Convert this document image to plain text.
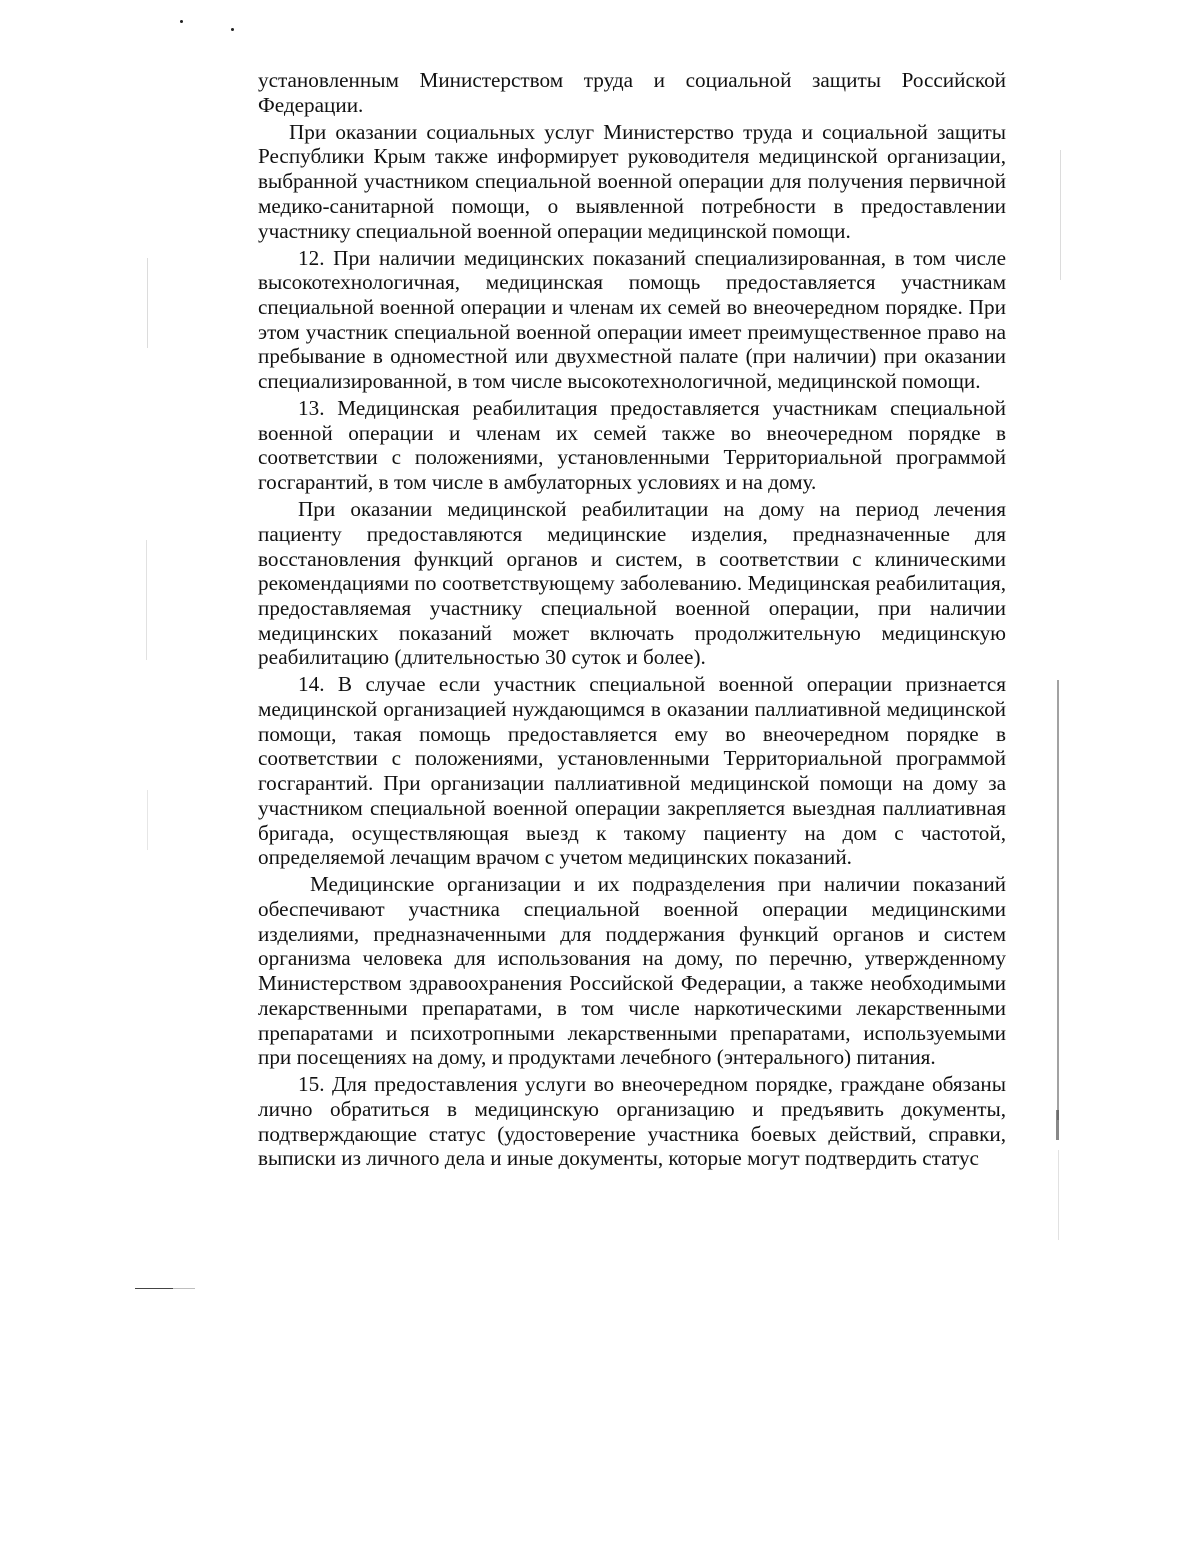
установленным Министерством труда и социальной защиты Российской Федерации.

При оказании социальных услуг Министерство труда и социальной защиты Республики Крым также информирует руководителя медицинской организации, выбранной участником специальной военной операции для получения первичной медико-санитарной помощи, о выявленной потребности в предоставлении участнику специальной военной операции медицинской помощи.

12. При наличии медицинских показаний специализированная, в том числе высокотехнологичная, медицинская помощь предоставляется участникам специальной военной операции и членам их семей во внеочередном порядке. При этом участник специальной военной операции имеет преимущественное право на пребывание в одноместной или двухместной палате (при наличии) при оказании специализированной, в том числе высокотехнологичной, медицинской помощи.

13. Медицинская реабилитация предоставляется участникам специальной военной операции и членам их семей также во внеочередном порядке в соответствии с положениями, установленными Территориальной программой госгарантий, в том числе в амбулаторных условиях и на дому.

При оказании медицинской реабилитации на дому на период лечения пациенту предоставляются медицинские изделия, предназначенные для восстановления функций органов и систем, в соответствии с клиническими рекомендациями по соответствующему заболеванию. Медицинская реабилитация, предоставляемая участнику специальной военной операции, при наличии медицинских показаний может включать продолжительную медицинскую реабилитацию (длительностью 30 суток и более).

14. В случае если участник специальной военной операции признается медицинской организацией нуждающимся в оказании паллиативной медицинской помощи, такая помощь предоставляется ему во внеочередном порядке в соответствии с положениями, установленными Территориальной программой госгарантий. При организации паллиативной медицинской помощи на дому за участником специальной военной операции закрепляется выездная паллиативная бригада, осуществляющая выезд к такому пациенту на дом с частотой, определяемой лечащим врачом с учетом медицинских показаний.

Медицинские организации и их подразделения при наличии показаний обеспечивают участника специальной военной операции медицинскими изделиями, предназначенными для поддержания функций органов и систем организма человека для использования на дому, по перечню, утвержденному Министерством здравоохранения Российской Федерации, а также необходимыми лекарственными препаратами, в том числе наркотическими лекарственными препаратами и психотропными лекарственными препаратами, используемыми при посещениях на дому, и продуктами лечебного (энтерального) питания.

15. Для предоставления услуги во внеочередном порядке, граждане обязаны лично обратиться в медицинскую организацию и предъявить документы, подтверждающие статус (удостоверение участника боевых действий, справки, выписки из личного дела и иные документы, которые могут подтвердить статус
